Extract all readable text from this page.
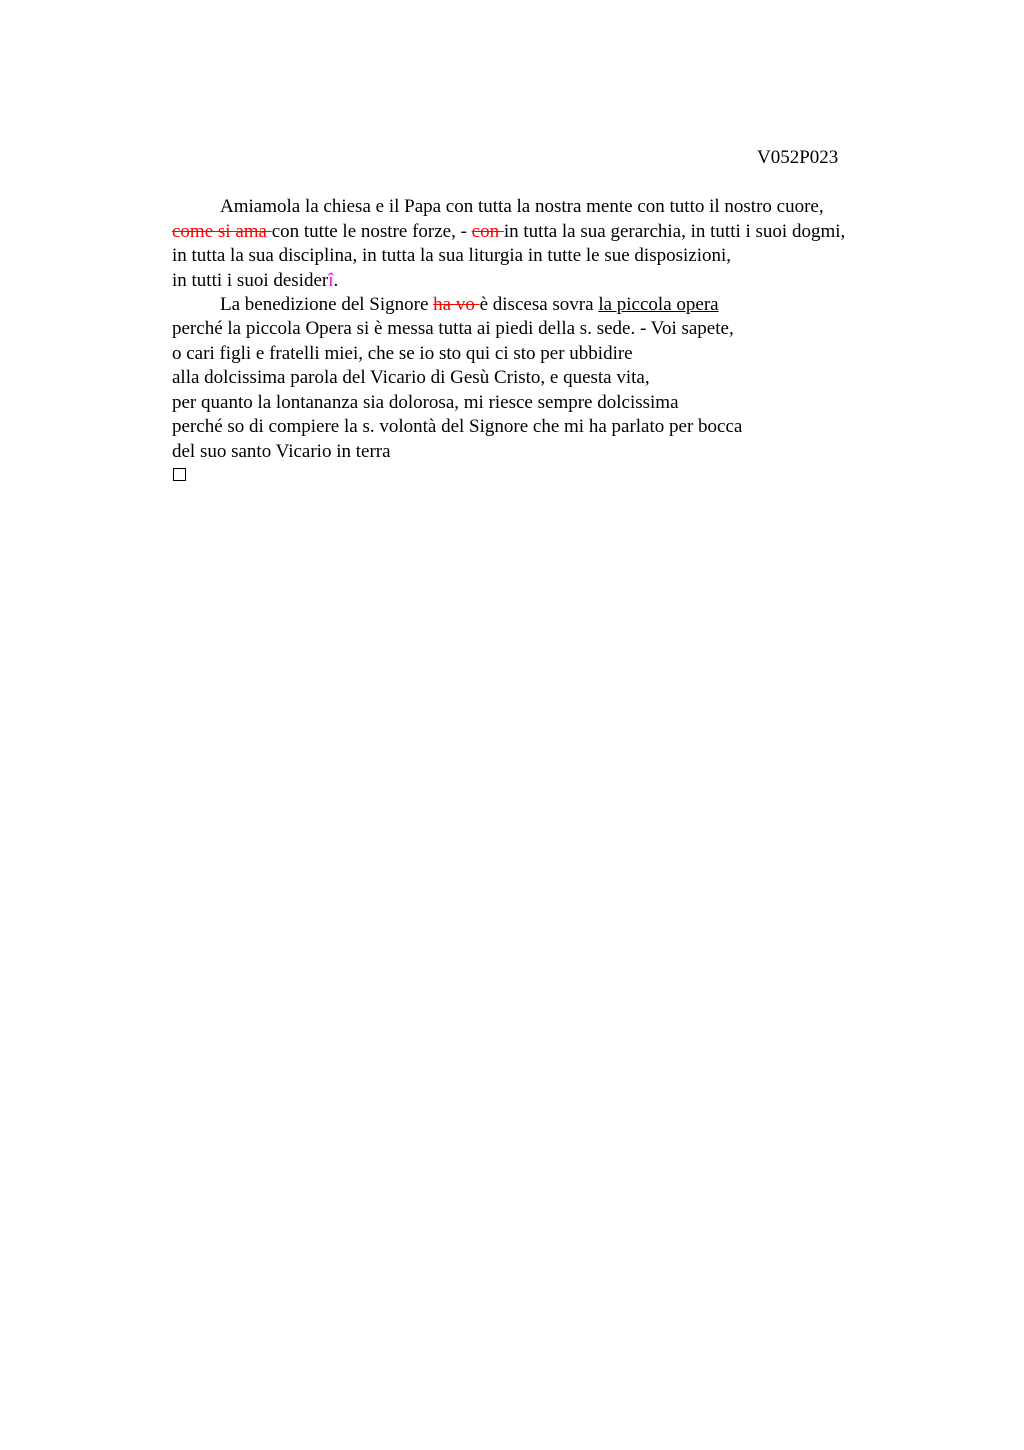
V052P023
Amiamola la chiesa e il Papa con tutta la nostra mente con tutto il nostro cuore,
come si ama con tutte le nostre forze, - con in tutta la sua gerarchia, in tutti i suoi dogmi,
in tutta la sua disciplina, in tutta la sua liturgia in tutte le sue disposizioni,
in tutti i suoi desiderî.
La benedizione del Signore ha vo è discesa sovra la piccola opera
perché la piccola Opera si è messa tutta ai piedi della s. sede. - Voi sapete,
o cari figli e fratelli miei, che se io sto qui ci sto per ubbidire
alla dolcissima parola del Vicario di Gesù Cristo, e questa vita,
per quanto la lontananza sia dolorosa, mi riesce sempre dolcissima
perché so di compiere la s. volontà del Signore che mi ha parlato per bocca
del suo santo Vicario in terra
